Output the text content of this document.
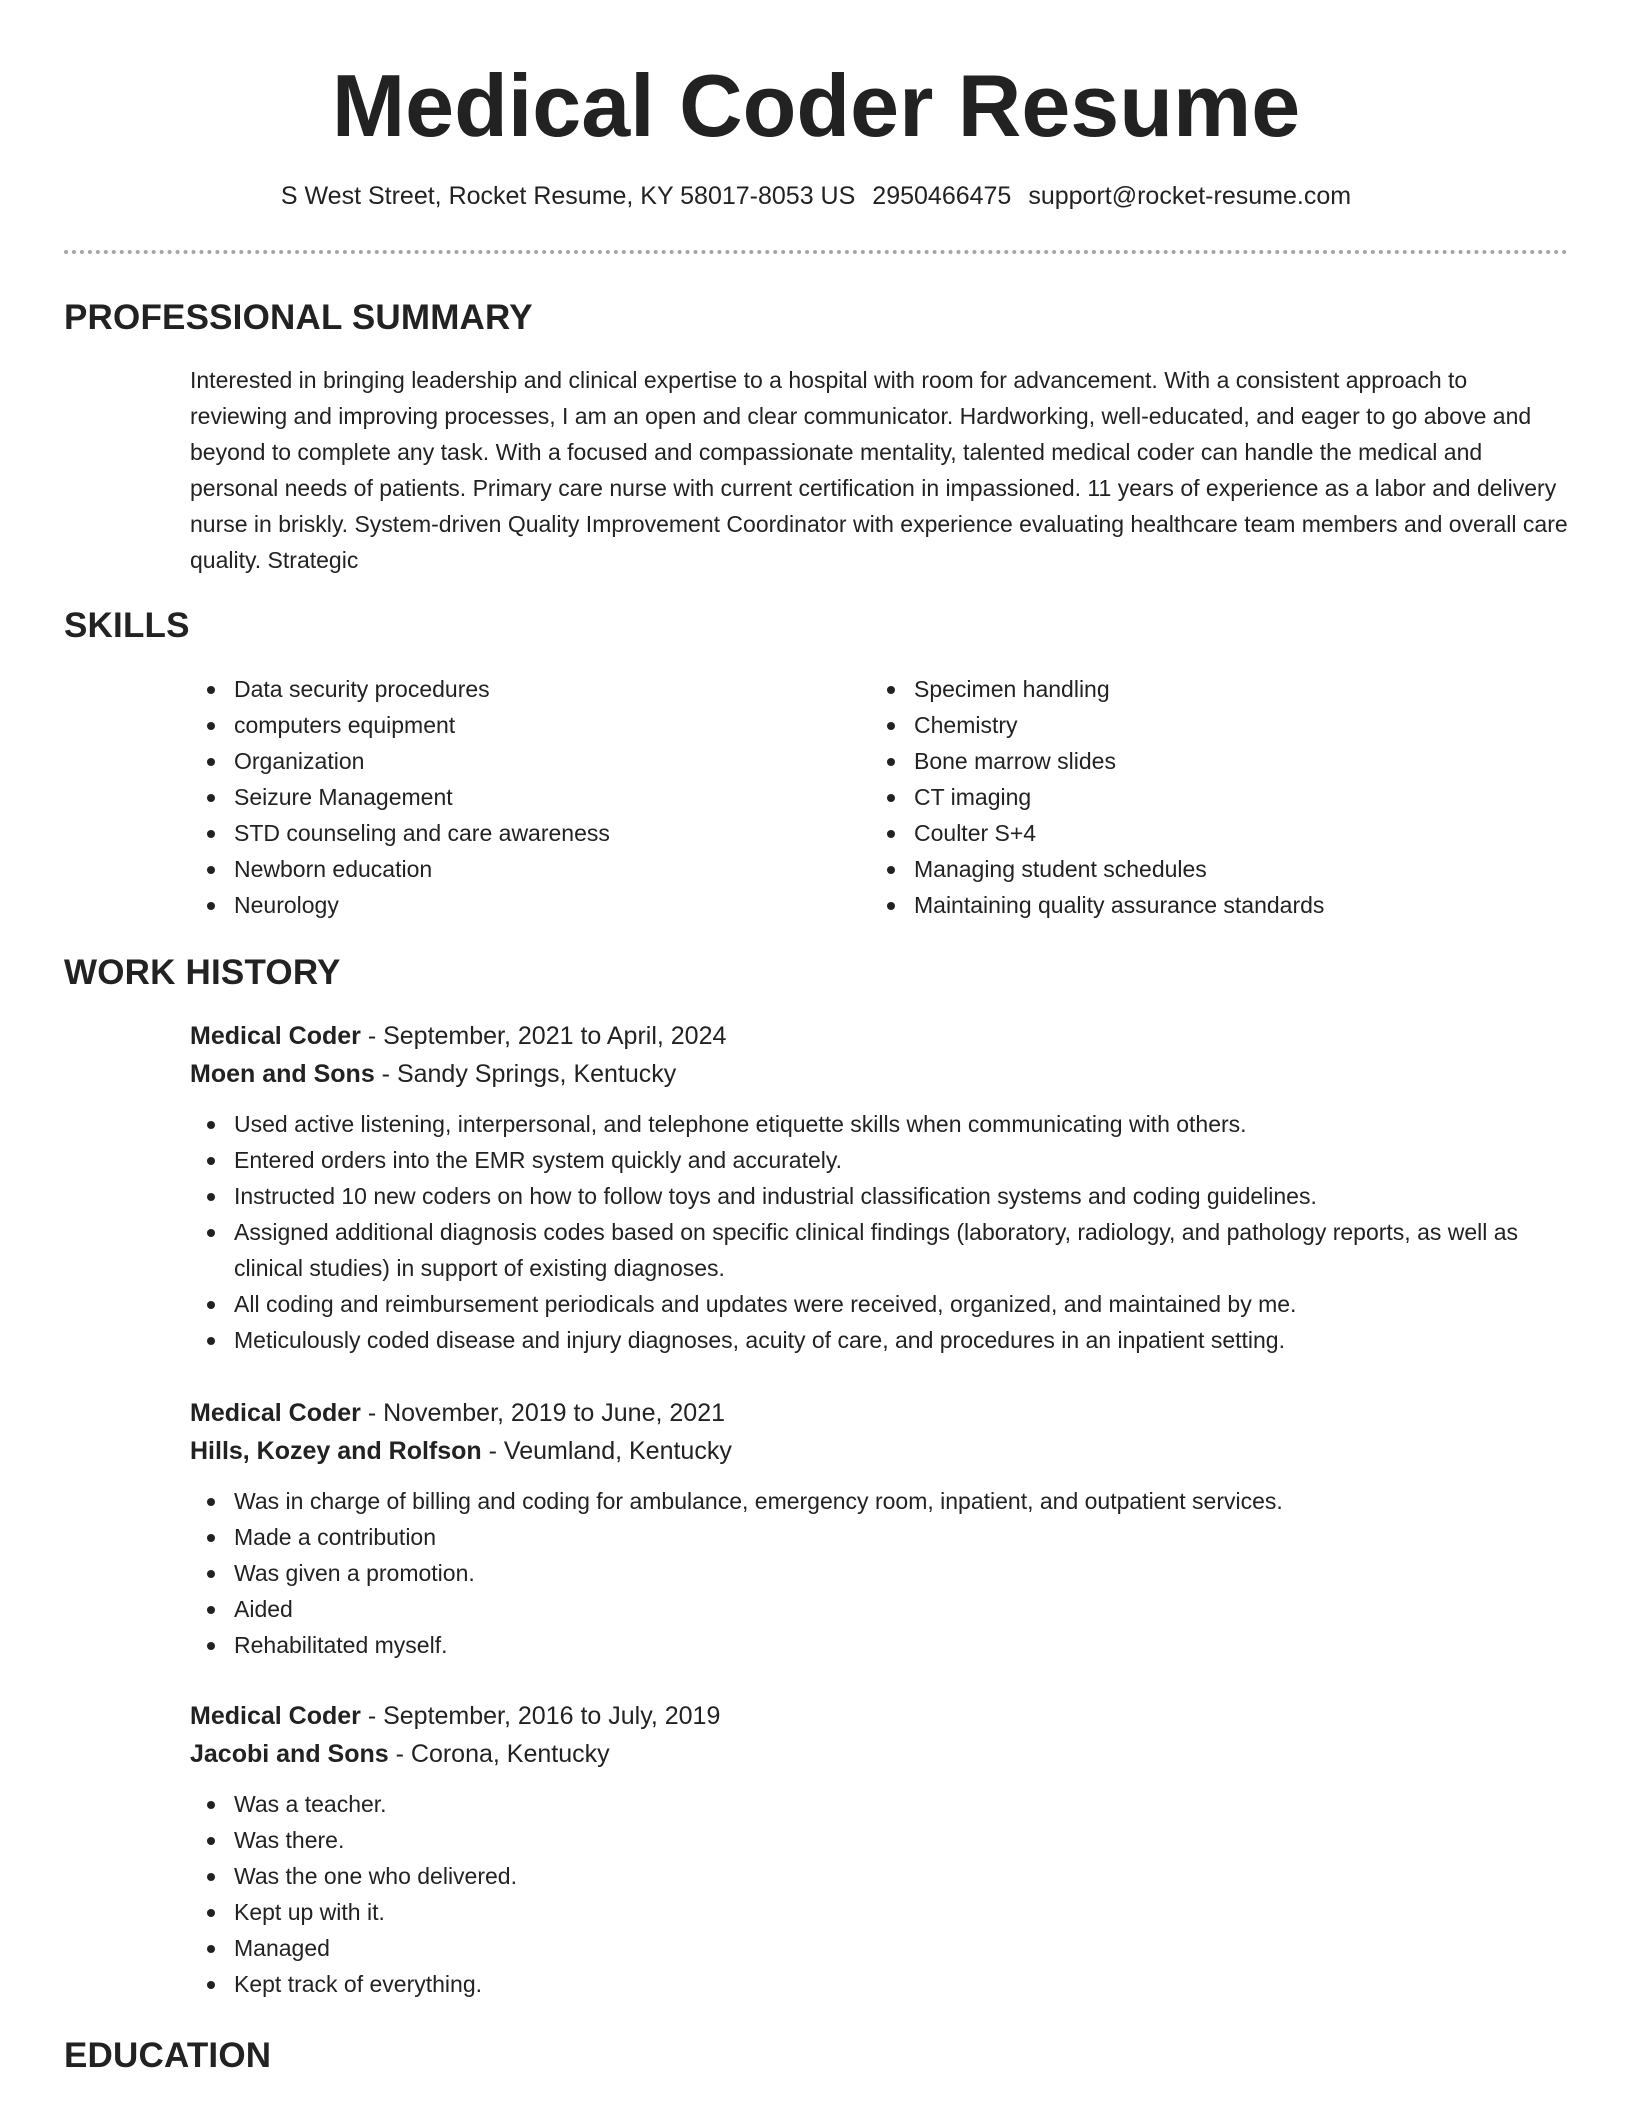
Medical Coder Resume
S West Street, Rocket Resume, KY 58017-8053 US 2950466475 support@rocket-resume.com
PROFESSIONAL SUMMARY

Interested in bringing leadership and clinical expertise to a hospital with room for advancement. With a consistent approach to reviewing and improving processes, I am an open and clear communicator. Hardworking, well-educated, and eager to go above and beyond to complete any task. With a focused and compassionate mentality, talented medical coder can handle the medical and personal needs of patients. Primary care nurse with current certification in impassioned. 11 years of experience as a labor and delivery nurse in briskly. System-driven Quality Improvement Coordinator with experience evaluating healthcare team members and overall care quality. Strategic

SKILLS
Data security procedures
computers equipment
Organization
Seizure Management
STD counseling and care awareness
Newborn education
Neurology
Specimen handling
Chemistry
Bone marrow slides
CT imaging
Coulter S+4
Managing student schedules
Maintaining quality assurance standards
WORK HISTORY

Medical Coder - September, 2021 to April, 2024

Moen and Sons - Sandy Springs, Kentucky

Used active listening, interpersonal, and telephone etiquette skills when communicating with others.
Entered orders into the EMR system quickly and accurately.
Instructed 10 new coders on how to follow toys and industrial classification systems and coding guidelines.
Assigned additional diagnosis codes based on specific clinical findings (laboratory, radiology, and pathology reports, as well as clinical studies) in support of existing diagnoses.
All coding and reimbursement periodicals and updates were received, organized, and maintained by me.
Meticulously coded disease and injury diagnoses, acuity of care, and procedures in an inpatient setting.

Medical Coder - November, 2019 to June, 2021

Hills, Kozey and Rolfson - Veumland, Kentucky

Was in charge of billing and coding for ambulance, emergency room, inpatient, and outpatient services.
Made a contribution
Was given a promotion.
Aided
Rehabilitated myself.

Medical Coder - September, 2016 to July, 2019

Jacobi and Sons - Corona, Kentucky

Was a teacher.
Was there.
Was the one who delivered.
Kept up with it.
Managed
Kept track of everything.
EDUCATION
